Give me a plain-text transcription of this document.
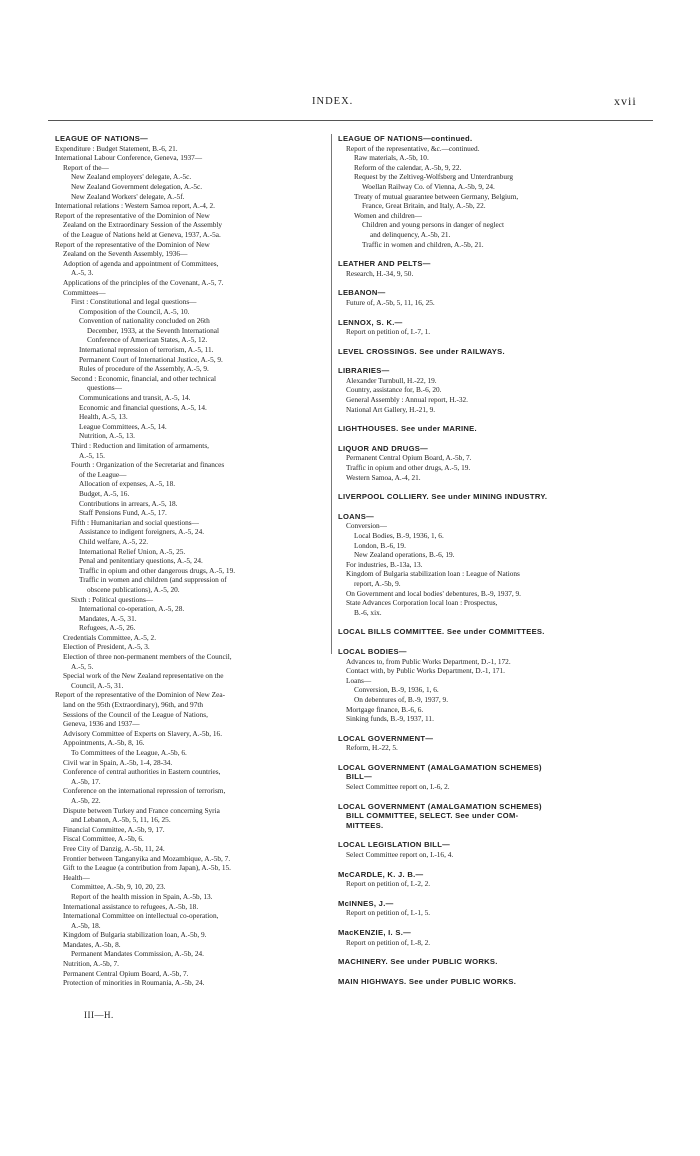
INDEX.	xvii
LEAGUE OF NATIONS—
Expenditure : Budget Statement, B.-6, 21.
International Labour Conference, Geneva, 1937—
Report of the—
New Zealand employers' delegate, A.-5c.
New Zealand Government delegation, A.-5c.
New Zealand Workers' delegate, A.-5f.
International relations : Western Samoa report, A.-4, 2.
Report of the representative of the Dominion of New
Zealand on the Extraordinary Session of the Assembly
of the League of Nations held at Geneva, 1937, A.-5a.
Report of the representative of the Dominion of New
Zealand on the Seventh Assembly, 1936—
Adoption of agenda and appointment of Committees,
A.-5, 3.
Applications of the principles of the Covenant, A.-5, 7.
Committees—
First : Constitutional and legal questions—
Composition of the Council, A.-5, 10.
Convention of nationality concluded on 26th
December, 1933, at the Seventh International
Conference of American States, A.-5, 12.
International repression of terrorism, A.-5, 11.
Permanent Court of International Justice, A.-5, 9.
Rules of procedure of the Assembly, A.-5, 9.
Second : Economic, financial, and other technical
questions—
Communications and transit, A.-5, 14.
Economic and financial questions, A.-5, 14.
Health, A.-5, 13.
League Committees, A.-5, 14.
Nutrition, A.-5, 13.
Third : Reduction and limitation of armaments,
A.-5, 15.
Fourth : Organization of the Secretariat and finances
of the League—
Allocation of expenses, A.-5, 18.
Budget, A.-5, 16.
Contributions in arrears, A.-5, 18.
Staff Pensions Fund, A.-5, 17.
Fifth : Humanitarian and social questions—
Assistance to indigent foreigners, A.-5, 24.
Child welfare, A.-5, 22.
International Relief Union, A.-5, 25.
Penal and penitentiary questions, A.-5, 24.
Traffic in opium and other dangerous drugs, A.-5, 19.
Traffic in women and children (and suppression of
obscene publications), A.-5, 20.
Sixth : Political questions—
International co-operation, A.-5, 28.
Mandates, A.-5, 31.
Refugees, A.-5, 26.
Credentials Committee, A.-5, 2.
Election of President, A.-5, 3.
Election of three non-permanent members of the Council,
A.-5, 5.
Special work of the New Zealand representative on the
Council, A.-5, 31.
Report of the representative of the Dominion of New Zea-
land on the 95th (Extraordinary), 96th, and 97th
Sessions of the Council of the League of Nations,
Geneva, 1936 and 1937—
Advisory Committee of Experts on Slavery, A.-5b, 16.
Appointments, A.-5b, 8, 16.
To Committees of the League, A.-5b, 6.
Civil war in Spain, A.-5b, 1-4, 28-34.
Conference of central authorities in Eastern countries,
A.-5b, 17.
Conference on the international repression of terrorism,
A.-5b, 22.
Dispute between Turkey and France concerning Syria
and Lebanon, A.-5b, 5, 11, 16, 25.
Financial Committee, A.-5b, 9, 17.
Fiscal Committee, A.-5b, 6.
Free City of Danzig, A.-5b, 11, 24.
Frontier between Tanganyika and Mozambique, A.-5b, 7.
Gift to the League (a contribution from Japan), A.-5b, 15.
Health—
Committee, A.-5b, 9, 10, 20, 23.
Report of the health mission in Spain, A.-5b, 13.
International assistance to refugees, A.-5b, 18.
International Committee on intellectual co-operation,
A.-5b, 18.
Kingdom of Bulgaria stabilization loan, A.-5b, 9.
Mandates, A.-5b, 8.
Permanent Mandates Commission, A.-5b, 24.
Nutrition, A.-5b, 7.
Permanent Central Opium Board, A.-5b, 7.
Protection of minorities in Roumania, A.-5b, 24.
LEAGUE OF NATIONS—continued.
Report of the representative, &c.—continued.
Raw materials, A.-5b, 10.
Reform of the calendar, A.-5b, 9, 22.
Request by the Zeltiveg-Wolfsberg and Unterdranburg
Woellan Railway Co. of Vienna, A.-5b, 9, 24.
Treaty of mutual guarantee between Germany, Belgium,
France, Great Britain, and Italy, A.-5b, 22.
Women and children—
Children and young persons in danger of neglect
and delinquency, A.-5b, 21.
Traffic in women and children, A.-5b, 21.
LEATHER AND PELTS—
Research, H.-34, 9, 50.
LEBANON—
Future of, A.-5b, 5, 11, 16, 25.
LENNOX, S. K.—
Report on petition of, I.-7, 1.
LEVEL CROSSINGS. See under RAILWAYS.
LIBRARIES—
Alexander Turnbull, H.-22, 19.
Country, assistance for, B.-6, 20.
General Assembly : Annual report, H.-32.
National Art Gallery, H.-21, 9.
LIGHTHOUSES. See under MARINE.
LIQUOR AND DRUGS—
Permanent Central Opium Board, A.-5b, 7.
Traffic in opium and other drugs, A.-5, 19.
Western Samoa, A.-4, 21.
LIVERPOOL COLLIERY. See under MINING INDUSTRY.
LOANS—
Conversion—
Local Bodies, B.-9, 1936, 1, 6.
London, B.-6, 19.
New Zealand operations, B.-6, 19.
For industries, B.-13a, 13.
Kingdom of Bulgaria stabilization loan : League of Nations
report, A.-5b, 9.
On Government and local bodies' debentures, B.-9, 1937, 9.
State Advances Corporation local loan : Prospectus,
B.-6, xix.
LOCAL BILLS COMMITTEE. See under COMMITTEES.
LOCAL BODIES—
Advances to, from Public Works Department, D.-1, 172.
Contact with, by Public Works Department, D.-1, 171.
Loans—
Conversion, B.-9, 1936, 1, 6.
On debentures of, B.-9, 1937, 9.
Mortgage finance, B.-6, 6.
Sinking funds, B.-9, 1937, 11.
LOCAL GOVERNMENT—
Reform, H.-22, 5.
LOCAL GOVERNMENT (AMALGAMATION SCHEMES)
BILL—
Select Committee report on, I.-6, 2.
LOCAL GOVERNMENT (AMALGAMATION SCHEMES)
BILL COMMITTEE, SELECT. See under COM-
MITTEES.
LOCAL LEGISLATION BILL—
Select Committee report on, I.-16, 4.
McCARDLE, K. J. B.—
Report on petition of, I.-2, 2.
McINNES, J.—
Report on petition of, I.-1, 5.
MacKENZIE, I. S.—
Report on petition of, I.-8, 2.
MACHINERY. See under PUBLIC WORKS.
MAIN HIGHWAYS. See under PUBLIC WORKS.
III—H.
